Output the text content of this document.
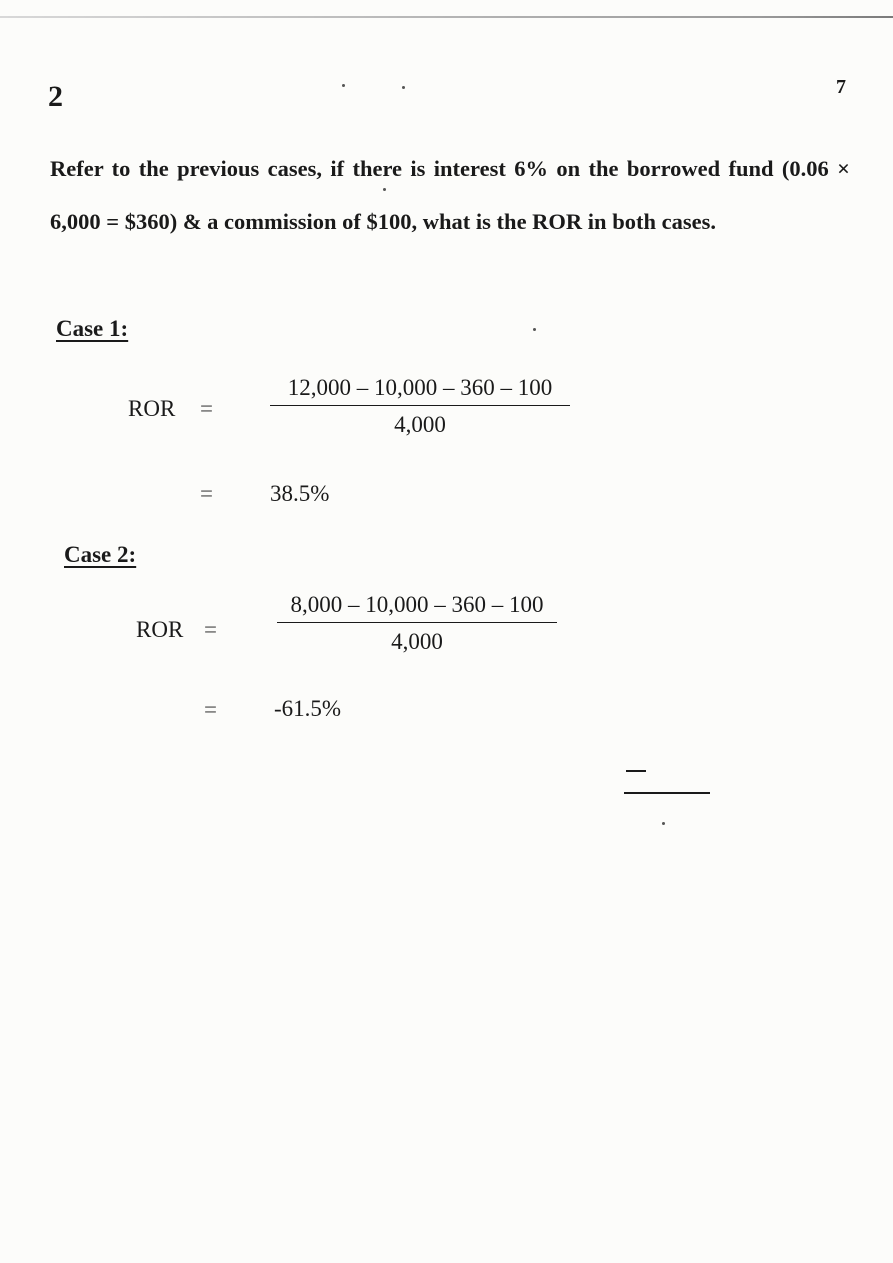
2	7

Refer to the previous cases, if there is interest 6% on the borrowed fund (0.06 × 6,000 = $360) & a commission of $100, what is the ROR in both cases.

Case 1:

ROR = $\frac{12,000 - 10,000 - 360 - 100}{4,000}$
= 38.5%

Case 2:

ROR =	$\frac{8,000 - 10,000 - 360 - 100}{4,000}$
= -61.5%
